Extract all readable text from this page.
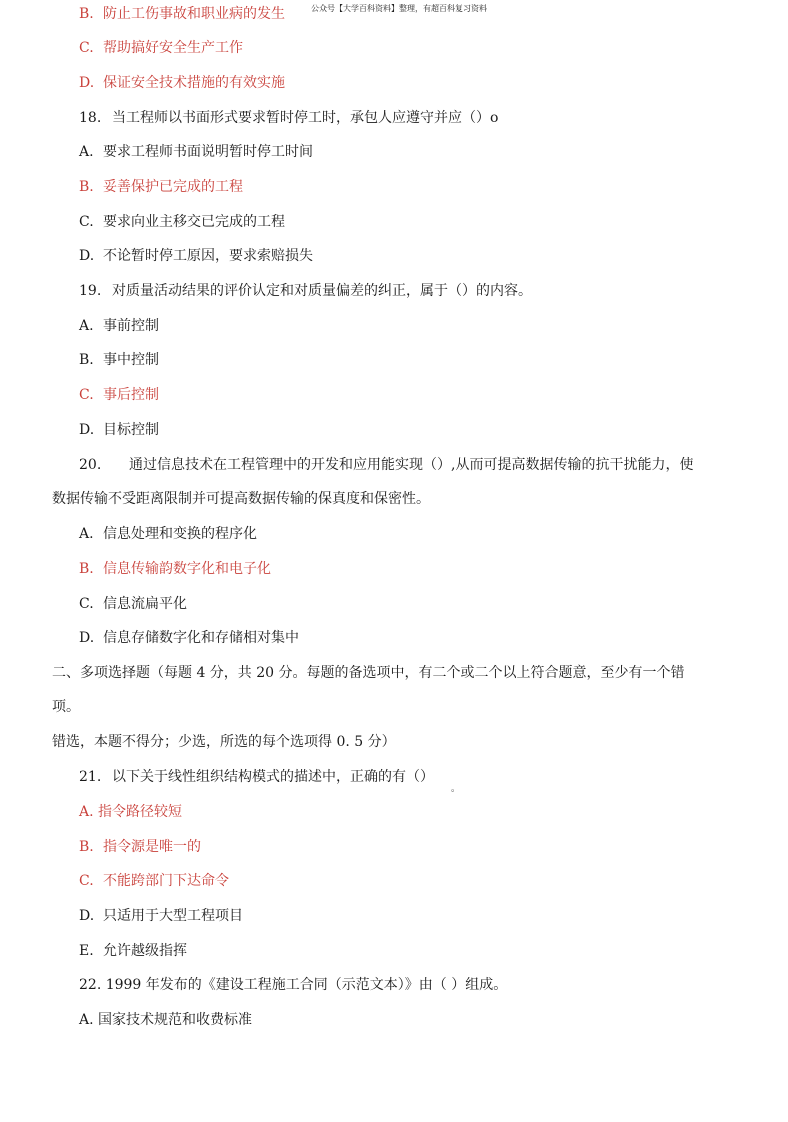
公众号【大学百科资料】整理，有超百科复习资料
B. 防止工伤事故和职业病的发生
C. 帮助搞好安全生产工作
D. 保证安全技术措施的有效实施
18. 当工程师以书面形式要求暂时停工时，承包人应遵守并应（）o
A. 要求工程师书面说明暂时停工时间
B. 妥善保护已完成的工程
C. 要求向业主移交已完成的工程
D. 不论暂时停工原因，要求索赔损失
19. 对质量活动结果的评价认定和对质量偏差的纠正，属于（）的内容。
A. 事前控制
B. 事中控制
C. 事后控制
D. 目标控制
20. 通过信息技术在工程管理中的开发和应用能实现（）,从而可提高数据传输的抗干扰能力，使
数据传输不受距离限制并可提高数据传输的保真度和保密性。
A. 信息处理和变换的程序化
B. 信息传输韵数字化和电子化
C. 信息流扁平化
D. 信息存储数字化和存储相对集中
二、多项选择题（每题 4 分，共 20 分。每题的备选项中，有二个或二个以上符合题意，至少有一个错
项。
错选，本题不得分；少选，所选的每个选项得 0. 5 分）
21. 以下关于线性组织结构模式的描述中，正确的有（）
A. 指令路径较短
B. 指令源是唯一的
C. 不能跨部门下达命令
D. 只适用于大型工程项目
E. 允许越级指挥
22. 1999 年发布的《建设工程施工合同（示范文本）》由（ ）组成。
A. 国家技术规范和收费标准
。
